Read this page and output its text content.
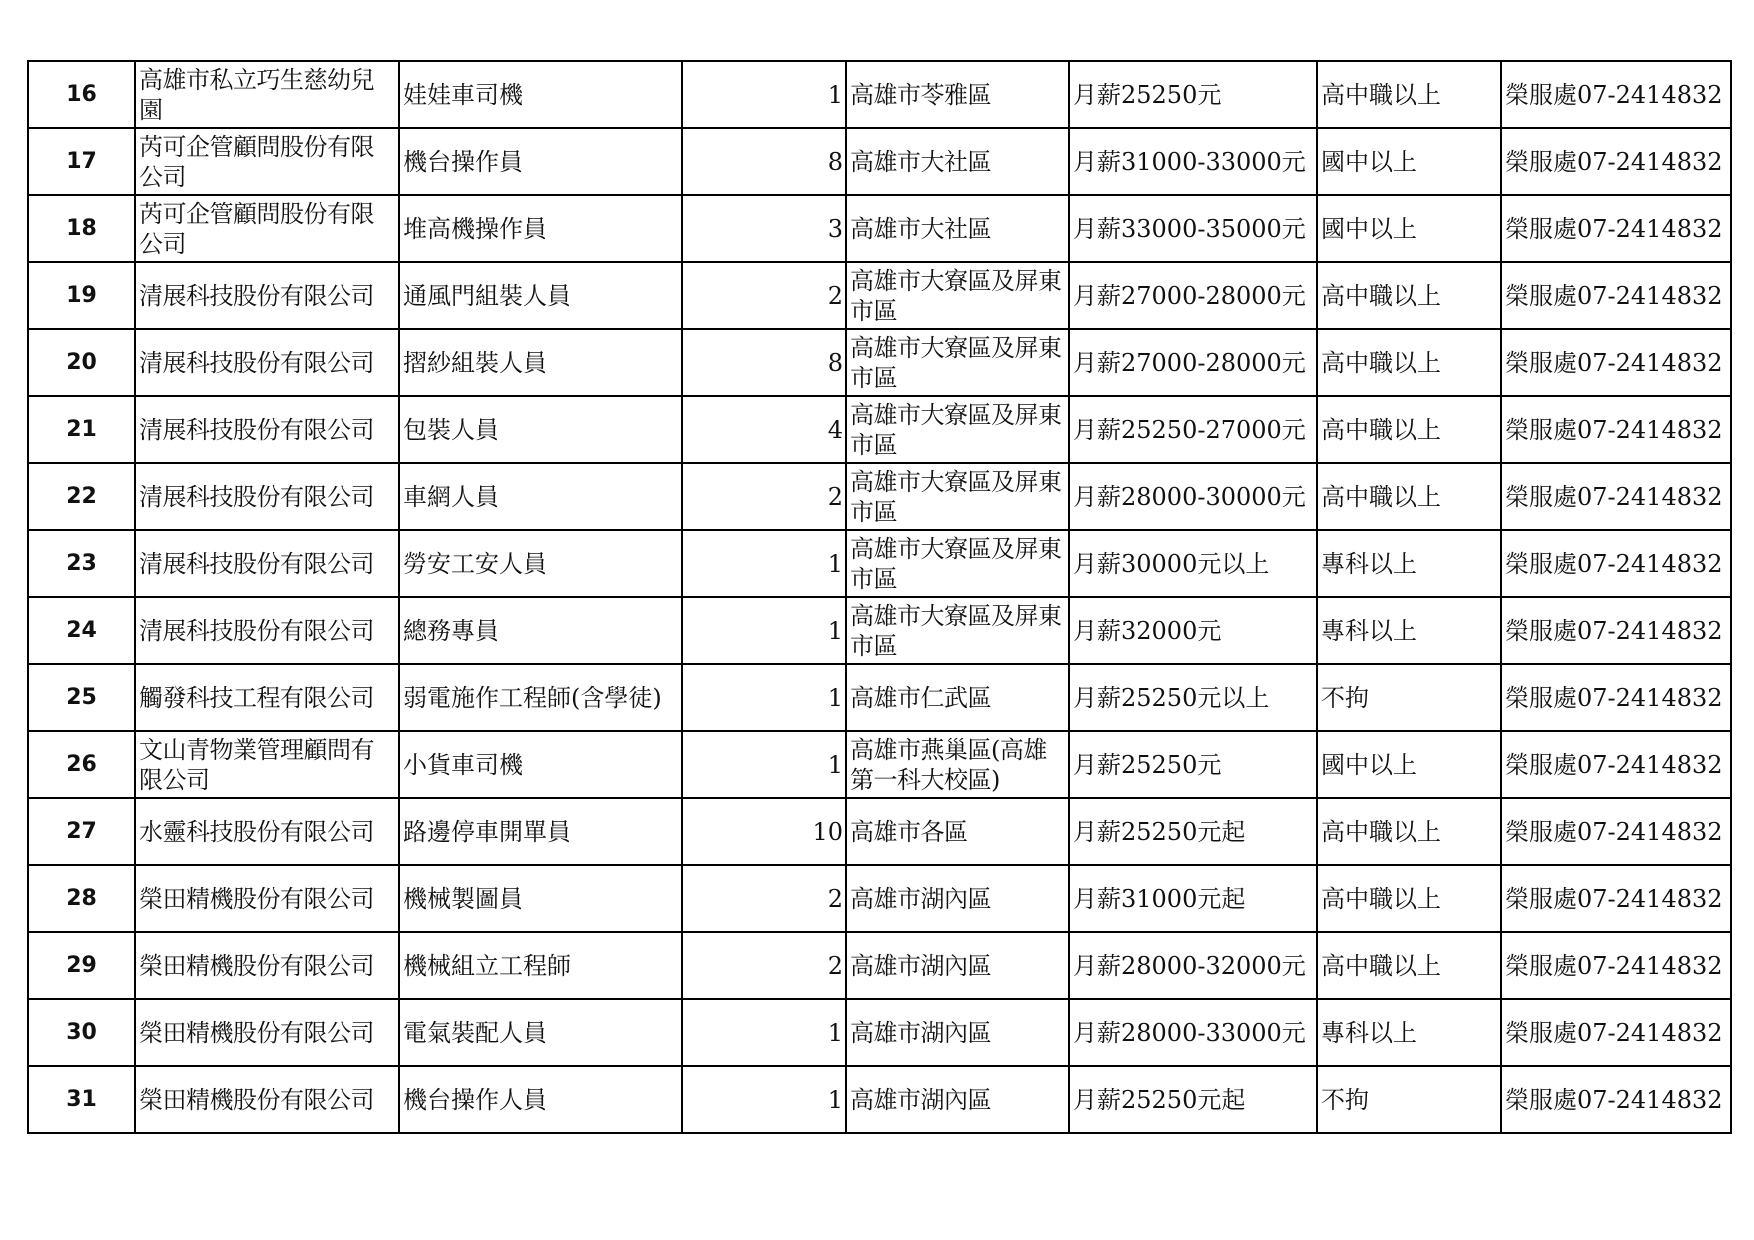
16	高雄市私立巧生慈幼兒園	娃娃車司機	1	高雄市苓雅區	月薪25250元	高中職以上	榮服處07-2414832
17	芮可企管顧問股份有限公司	機台操作員	8	高雄市大社區	月薪31000-33000元	國中以上	榮服處07-2414832
18	芮可企管顧問股份有限公司	堆高機操作員	3	高雄市大社區	月薪33000-35000元	國中以上	榮服處07-2414832
19	清展科技股份有限公司	通風門組裝人員	2	高雄市大寮區及屏東市區	月薪27000-28000元	高中職以上	榮服處07-2414832
20	清展科技股份有限公司	摺紗組裝人員	8	高雄市大寮區及屏東市區	月薪27000-28000元	高中職以上	榮服處07-2414832
21	清展科技股份有限公司	包裝人員	4	高雄市大寮區及屏東市區	月薪25250-27000元	高中職以上	榮服處07-2414832
22	清展科技股份有限公司	車網人員	2	高雄市大寮區及屏東市區	月薪28000-30000元	高中職以上	榮服處07-2414832
23	清展科技股份有限公司	勞安工安人員	1	高雄市大寮區及屏東市區	月薪30000元以上	專科以上	榮服處07-2414832
24	清展科技股份有限公司	總務專員	1	高雄市大寮區及屏東市區	月薪32000元	專科以上	榮服處07-2414832
25	觸發科技工程有限公司	弱電施作工程師(含學徒)	1	高雄市仁武區	月薪25250元以上	不拘	榮服處07-2414832
26	文山青物業管理顧問有限公司	小貨車司機	1	高雄市燕巢區(高雄第一科大校區)	月薪25250元	國中以上	榮服處07-2414832
27	水靈科技股份有限公司	路邊停車開單員	10	高雄市各區	月薪25250元起	高中職以上	榮服處07-2414832
28	榮田精機股份有限公司	機械製圖員	2	高雄市湖內區	月薪31000元起	高中職以上	榮服處07-2414832
29	榮田精機股份有限公司	機械組立工程師	2	高雄市湖內區	月薪28000-32000元	高中職以上	榮服處07-2414832
30	榮田精機股份有限公司	電氣裝配人員	1	高雄市湖內區	月薪28000-33000元	專科以上	榮服處07-2414832
31	榮田精機股份有限公司	機台操作人員	1	高雄市湖內區	月薪25250元起	不拘	榮服處07-2414832
